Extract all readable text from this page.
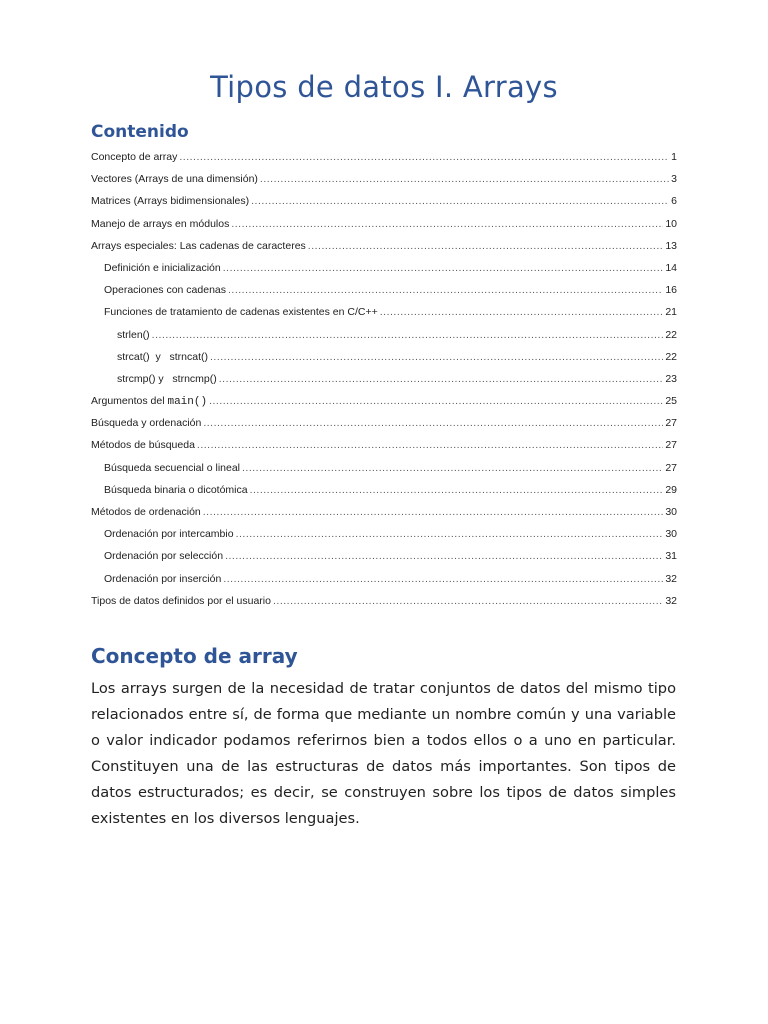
Tipos de datos I. Arrays
Contenido
Concepto de array .....	1
Vectores (Arrays de una dimensión) .....	3
Matrices (Arrays bidimensionales) .....	6
Manejo de arrays en módulos .....	10
Arrays especiales: Las cadenas de caracteres .....	13
Definición e inicialización .....	14
Operaciones con cadenas .....	16
Funciones de tratamiento de cadenas existentes en C/C++ .....	21
strlen() .....	22
strcat()  y   strncat() .....	22
strcmp() y   strncmp() .....	23
Argumentos del main() .....	25
Búsqueda y ordenación .....	27
Métodos de búsqueda .....	27
Búsqueda secuencial o lineal .....	27
Búsqueda binaria o dicotómica .....	29
Métodos de ordenación .....	30
Ordenación por intercambio .....	30
Ordenación por selección .....	31
Ordenación por inserción .....	32
Tipos de datos definidos por el usuario .....	32
Concepto de array

Los arrays surgen de la necesidad de tratar conjuntos de datos del mismo tipo relacionados entre sí, de forma que mediante un nombre común y una variable o valor indicador podamos referirnos bien a todos ellos o a uno en particular. Constituyen una de las estructuras de datos más importantes. Son tipos de datos estructurados; es decir, se construyen sobre los tipos de datos simples existentes en los diversos lenguajes.
